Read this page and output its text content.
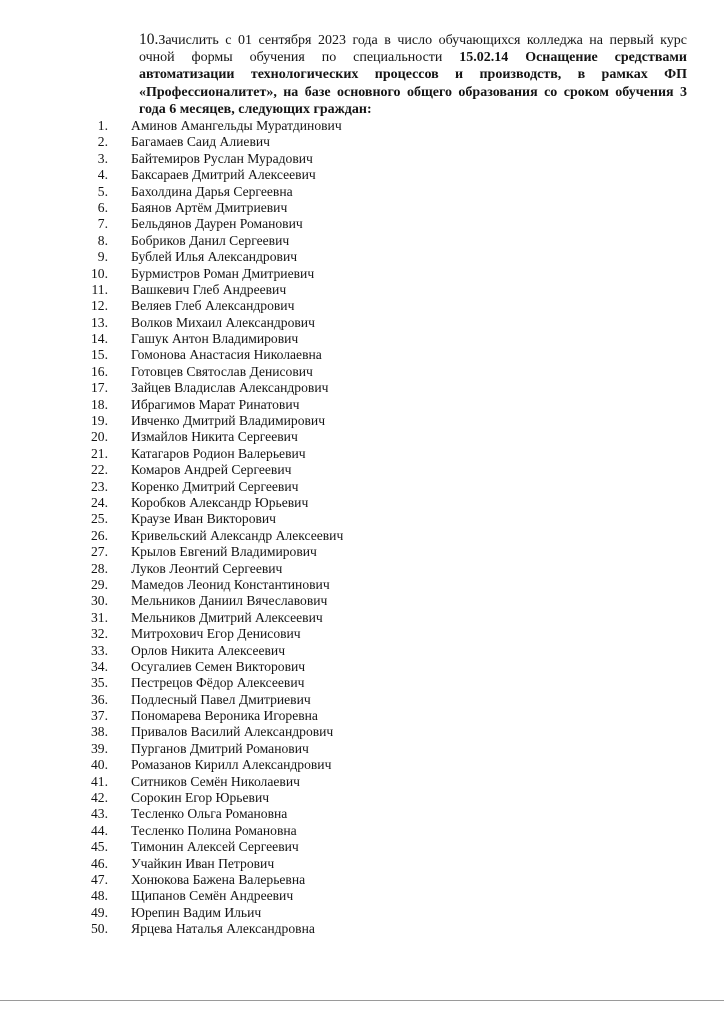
10.Зачислить с 01 сентября 2023 года в число обучающихся колледжа на первый курс очной формы обучения по специальности 15.02.14 Оснащение средствами автоматизации технологических процессов и производств, в рамках ФП «Профессионалитет», на базе основного общего образования со сроком обучения 3 года 6 месяцев, следующих граждан:
1. Аминов Амангельды Муратдинович
2. Багамаев Саид Алиевич
3. Байтемиров Руслан Мурадович
4. Баксараев Дмитрий Алексеевич
5. Бахолдина Дарья Сергеевна
6. Баянов Артём Дмитриевич
7. Бельдянов Даурен Романович
8. Бобриков Данил Сергеевич
9. Бублей Илья Александрович
10. Бурмистров Роман Дмитриевич
11. Вашкевич Глеб Андреевич
12. Веляев Глеб Александрович
13. Волков Михаил Александрович
14. Гашук Антон Владимирович
15. Гомонова Анастасия Николаевна
16. Готовцев Святослав Денисович
17. Зайцев Владислав Александрович
18. Ибрагимов Марат Ринатович
19. Ивченко Дмитрий Владимирович
20. Измайлов Никита Сергеевич
21. Катагаров Родион Валерьевич
22. Комаров Андрей Сергеевич
23. Коренко Дмитрий Сергеевич
24. Коробков Александр Юрьевич
25. Краузе Иван Викторович
26. Кривельский Александр Алексеевич
27. Крылов Евгений Владимирович
28. Луков Леонтий Сергеевич
29. Мамедов Леонид Константинович
30. Мельников Даниил Вячеславович
31. Мельников Дмитрий Алексеевич
32. Митрохович Егор Денисович
33. Орлов Никита Алексеевич
34. Осугалиев Семен Викторович
35. Пестрецов Фёдор Алексеевич
36. Подлесный Павел Дмитриевич
37. Пономарева Вероника Игоревна
38. Привалов Василий Александрович
39. Пурганов Дмитрий Романович
40. Ромазанов Кирилл Александрович
41. Ситников Семён Николаевич
42. Сорокин Егор Юрьевич
43. Тесленко Ольга Романовна
44. Тесленко Полина Романовна
45. Тимонин Алексей Сергеевич
46. Учайкин Иван Петрович
47. Хонюкова Бажена Валерьевна
48. Щипанов Семён Андреевич
49. Юрепин Вадим Ильич
50. Ярцева Наталья Александровна
